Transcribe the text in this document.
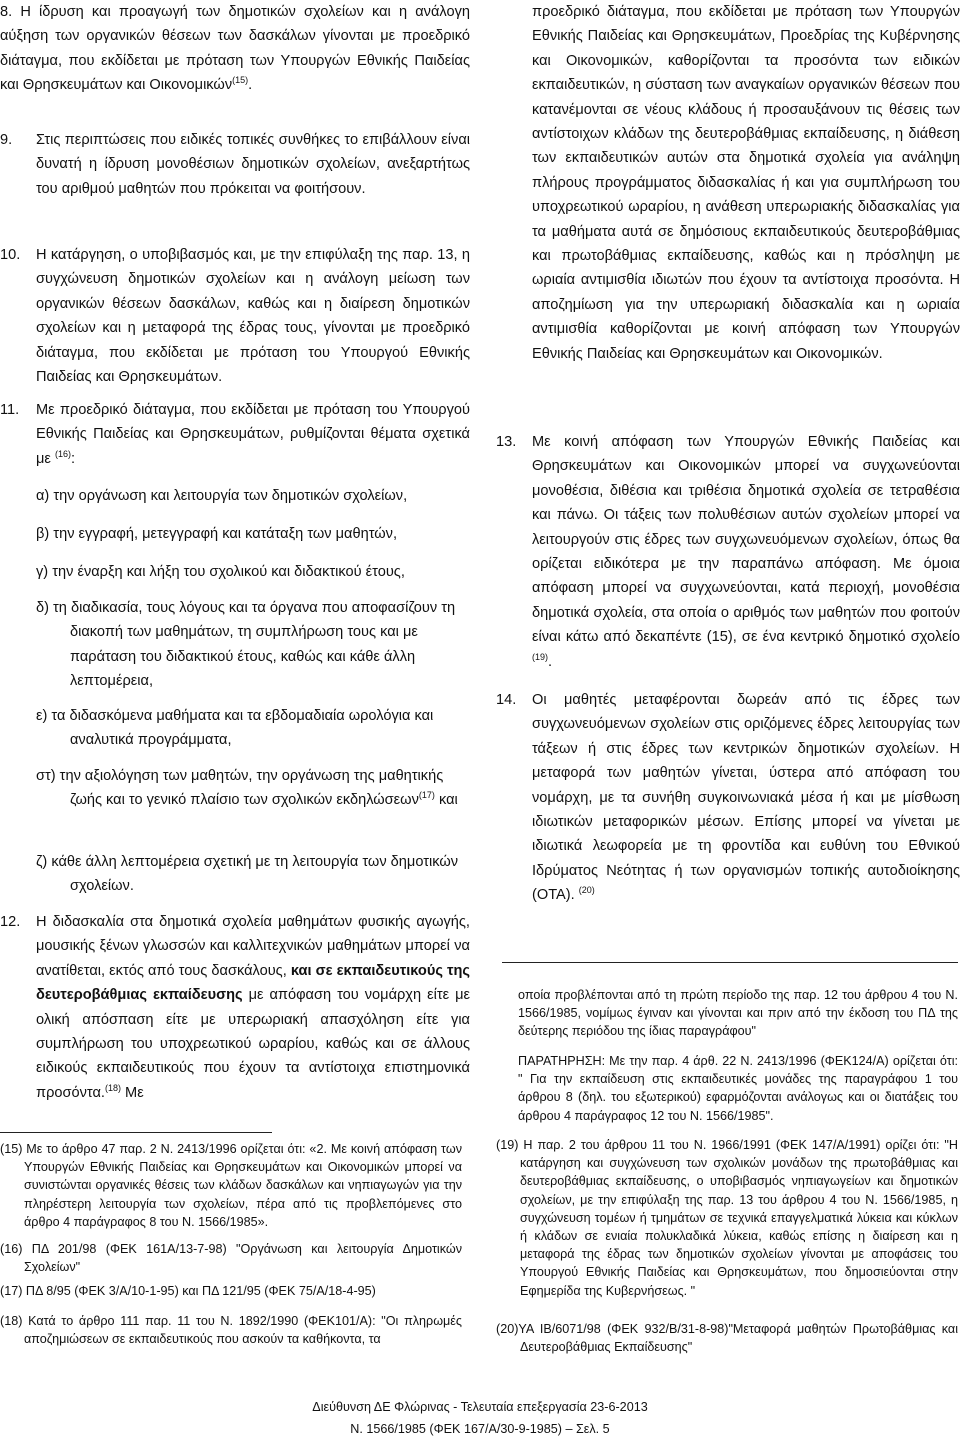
8. Η ίδρυση και προαγωγή των δημοτικών σχολείων και η ανάλογη αύξηση των οργανικών θέσεων των δασκάλων γίνονται με προεδρικό διάταγμα, που εκδίδεται με πρόταση των Υπουργών Εθνικής Παιδείας και Θρησκευμάτων και Οικονομικών$^{(15)}$.
9.	Στις περιπτώσεις που ειδικές τοπικές συνθήκες το επιβάλλουν είναι δυνατή η ίδρυση μονοθέσιων δημοτικών σχολείων, ανεξαρτήτως του αριθμού μαθητών που πρόκειται να φοιτήσουν.
10.	Η κατάργηση, ο υποβιβασμός και, με την επιφύλαξη της παρ. 13, η συγχώνευση δημοτικών σχολείων και η ανάλογη μείωση των οργανικών θέσεων δασκάλων, καθώς και η διαίρεση δημοτικών σχολείων και η μεταφορά της έδρας τους, γίνονται με προεδρικό διάταγμα, που εκδίδεται με πρόταση του Υπουργού Εθνικής Παιδείας και Θρησκευμάτων.
11.	Με προεδρικό διάταγμα, που εκδίδεται με πρόταση του Υπουργού Εθνικής Παιδείας και Θρησκευμάτων, ρυθμίζονται θέματα σχετικά με $^{(16)}$:
α) την οργάνωση και λειτουργία των δημοτικών σχολείων,
β) την εγγραφή, μετεγγραφή και κατάταξη των μαθητών,
γ) την έναρξη και λήξη του σχολικού και διδακτικού έτους,
δ) τη διαδικασία, τους λόγους και τα όργανα που αποφασίζουν τη διακοπή των μαθημάτων, τη συμπλήρωση τους και με παράταση του διδακτικού έτους, καθώς και κάθε άλλη λεπτομέρεια,
ε) τα διδασκόμενα μαθήματα και τα εβδομαδιαία ωρολόγια και αναλυτικά προγράμματα,
στ) την αξιολόγηση των μαθητών, την οργάνωση της μαθητικής ζωής και το γενικό πλαίσιο των σχολικών εκδηλώσεων$^{(17)}$ και
ζ) κάθε άλλη λεπτομέρεια σχετική με τη λειτουργία των δημοτικών σχολείων.
12.	Η διδασκαλία στα δημοτικά σχολεία μαθημάτων φυσικής αγωγής, μουσικής ξένων γλωσσών και καλλιτεχνικών μαθημάτων μπορεί να ανατίθεται, εκτός από τους δασκάλους, και σε εκπαιδευτικούς της δευτεροβάθμιας εκπαίδευσης με απόφαση του νομάρχη είτε με ολική απόσπαση είτε με υπερωριακή απασχόληση είτε για συμπλήρωση του υποχρεωτικού ωραρίου, καθώς και σε άλλους ειδικούς εκπαιδευτικούς που έχουν τα αντίστοιχα επιστημονικά προσόντα.$^{(18)}$ Με
(15) Με το άρθρο 47 παρ. 2 Ν. 2413/1996 ορίζεται ότι: «2. Με κοινή απόφαση των Υπουργών Εθνικής Παιδείας και Θρησκευμάτων και Οικονομικών μπορεί να συνιστώνται οργανικές θέσεις των κλάδων δασκάλων και νηπιαγωγών για την πληρέστερη λειτουργία των σχολείων, πέρα από τις προβλεπόμενες στο άρθρο 4 παράγραφος 8 του Ν. 1566/1985».
(16) ΠΔ 201/98 (ΦΕΚ 161Α/13-7-98) "Οργάνωση και λειτουργία Δημοτικών Σχολείων"
(17) ΠΔ 8/95 (ΦΕΚ 3/Α/10-1-95) και ΠΔ 121/95 (ΦΕΚ 75/Α/18-4-95)
(18) Κατά το άρθρο 111 παρ. 11 του Ν. 1892/1990 (ΦΕΚ101/Α): "Οι πληρωμές αποζημιώσεων σε εκπαιδευτικούς που ασκούν τα καθήκοντα, τα
προεδρικό διάταγμα, που εκδίδεται με πρόταση των Υπουργών Εθνικής Παιδείας και Θρησκευμάτων, Προεδρίας της Κυβέρνησης και Οικονομικών, καθορίζονται τα προσόντα των ειδικών εκπαιδευτικών, η σύσταση των αναγκαίων οργανικών θέσεων που κατανέμονται σε νέους κλάδους ή προσαυξάνουν τις θέσεις των αντίστοιχων κλάδων της δευτεροβάθμιας εκπαίδευσης, η διάθεση των εκπαιδευτικών αυτών στα δημοτικά σχολεία για ανάληψη πλήρους προγράμματος διδασκαλίας ή και για συμπλήρωση του υποχρεωτικού ωραρίου, η ανάθεση υπερωριακής διδασκαλίας για τα μαθήματα αυτά σε δημόσιους εκπαιδευτικούς δευτεροβάθμιας και πρωτοβάθμιας εκπαίδευσης, καθώς και η πρόσληψη με ωριαία αντιμισθία ιδιωτών που έχουν τα αντίστοιχα προσόντα. Η αποζημίωση για την υπερωριακή διδασκαλία και η ωριαία αντιμισθία καθορίζονται με κοινή απόφαση των Υπουργών Εθνικής Παιδείας και Θρησκευμάτων και Οικονομικών.
13.	Με κοινή απόφαση των Υπουργών Εθνικής Παιδείας και Θρησκευμάτων και Οικονομικών μπορεί να συγχωνεύονται μονοθέσια, διθέσια και τριθέσια δημοτικά σχολεία σε τετραθέσια και πάνω. Οι τάξεις των πολυθέσιων αυτών σχολείων μπορεί να λειτουργούν στις έδρες των συγχωνευόμενων σχολείων, όπως θα ορίζεται ειδικότερα με την παραπάνω απόφαση. Με όμοια απόφαση μπορεί να συγχωνεύονται, κατά περιοχή, μονοθέσια δημοτικά σχολεία, στα οποία ο αριθμός των μαθητών που φοιτούν είναι κάτω από δεκαπέντε (15), σε ένα κεντρικό δημοτικό σχολείο $^{(19)}$.
14.	Οι μαθητές μεταφέρονται δωρεάν από τις έδρες των συγχωνευόμενων σχολείων στις οριζόμενες έδρες λειτουργίας των τάξεων ή στις έδρες των κεντρικών δημοτικών σχολείων. Η μεταφορά των μαθητών γίνεται, ύστερα από απόφαση του νομάρχη, με τα συνήθη συγκοινωνιακά μέσα ή και με μίσθωση ιδιωτικών μεταφορικών μέσων. Επίσης μπορεί να γίνεται με ιδιωτικά λεωφορεία με τη φροντίδα και ευθύνη του Εθνικού Ιδρύματος Νεότητας ή των οργανισμών τοπικής αυτοδιοίκησης (ΟΤΑ). $^{(20)}$
οποία προβλέπονται από τη πρώτη περίοδο της παρ. 12 του άρθρου 4 του Ν. 1566/1985, νομίμως έγιναν και γίνονται και πριν από την έκδοση του ΠΔ της δεύτερης περιόδου της ίδιας παραγράφου"
ΠΑΡΑΤΗΡΗΣΗ: Με την παρ. 4 άρθ. 22 Ν. 2413/1996 (ΦΕΚ124/Α) ορίζεται ότι: " Για την εκπαίδευση στις εκπαιδευτικές μονάδες της παραγράφου 1 του άρθρου 8 (δηλ. του εξωτερικού) εφαρμόζονται ανάλογως και οι διατάξεις του άρθρου 4 παράγραφος 12 του Ν. 1566/1985".
(19) Η παρ. 2 του άρθρου 11 του Ν. 1966/1991 (ΦΕΚ 147/Α/1991) ορίζει ότι: "Η κατάργηση και συγχώνευση των σχολικών μονάδων της πρωτοβάθμιας και δευτεροβάθμιας εκπαίδευσης, ο υποβιβασμός νηπιαγωγείων και δημοτικών σχολείων, με την επιφύλαξη της παρ. 13 του άρθρου 4 του Ν. 1566/1985, η συγχώνευση τομέων ή τμημάτων σε τεχνικά επαγγελματικά λύκεια και κύκλων ή κλάδων σε ενιαία πολυκλαδικά λύκεια, καθώς επίσης η διαίρεση και η μεταφορά της έδρας των δημοτικών σχολείων γίνονται με αποφάσεις του Υπουργού Εθνικής Παιδείας και Θρησκευμάτων, που δημοσιεύονται στην Εφημερίδα της Κυβερνήσεως. "
(20)ΥΑ ΙΒ/6071/98 (ΦΕΚ 932/Β/31-8-98)"Μεταφορά μαθητών Πρωτοβάθμιας και Δευτεροβάθμιας Εκπαίδευσης"
Διεύθυνση ΔΕ Φλώρινας - Τελευταία επεξεργασία 23-6-2013
Ν. 1566/1985 (ΦΕΚ 167/Α/30-9-1985) – Σελ. 5
